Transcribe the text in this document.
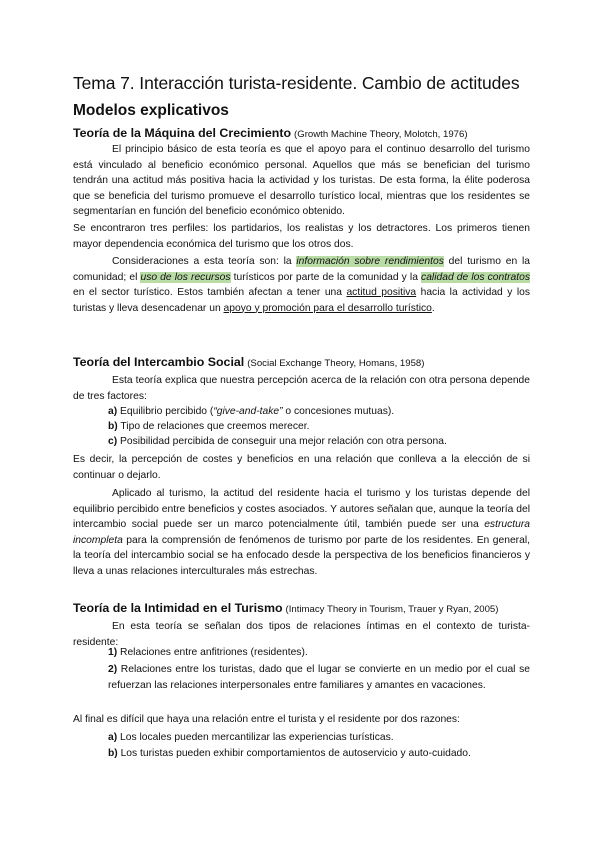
Tema 7. Interacción turista-residente. Cambio de actitudes
Modelos explicativos
Teoría de la Máquina del Crecimiento (Growth Machine Theory, Molotch, 1976)
El principio básico de esta teoría es que el apoyo para el continuo desarrollo del turismo está vinculado al beneficio económico personal. Aquellos que más se benefician del turismo tendrán una actitud más positiva hacia la actividad y los turistas. De esta forma, la élite poderosa que se beneficia del turismo promueve el desarrollo turístico local, mientras que los residentes se segmentarían en función del beneficio económico obtenido.
Se encontraron tres perfiles: los partidarios, los realistas y los detractores. Los primeros tienen mayor dependencia económica del turismo que los otros dos.
Consideraciones a esta teoría son: la información sobre rendimientos del turismo en la comunidad; el uso de los recursos turísticos por parte de la comunidad y la calidad de los contratos en el sector turístico. Estos también afectan a tener una actitud positiva hacia la actividad y los turistas y lleva desencadenar un apoyo y promoción para el desarrollo turístico.
Teoría del Intercambio Social (Social Exchange Theory, Homans, 1958)
Esta teoría explica que nuestra percepción acerca de la relación con otra persona depende de tres factores:
a) Equilibrio percibido (“give-and-take” o concesiones mutuas).
b) Tipo de relaciones que creemos merecer.
c) Posibilidad percibida de conseguir una mejor relación con otra persona.
Es decir, la percepción de costes y beneficios en una relación que conlleva a la elección de si continuar o dejarlo.
Aplicado al turismo, la actitud del residente hacia el turismo y los turistas depende del equilibrio percibido entre beneficios y costes asociados. Y autores señalan que, aunque la teoría del intercambio social puede ser un marco potencialmente útil, también puede ser una estructura incompleta para la comprensión de fenómenos de turismo por parte de los residentes. En general, la teoría del intercambio social se ha enfocado desde la perspectiva de los beneficios financieros y lleva a unas relaciones interculturales más estrechas.
Teoría de la Intimidad en el Turismo (Intimacy Theory in Tourism, Trauer y Ryan, 2005)
En esta teoría se señalan dos tipos de relaciones íntimas en el contexto de turista-residente:
1) Relaciones entre anfitriones (residentes).
2) Relaciones entre los turistas, dado que el lugar se convierte en un medio por el cual se refuerzan las relaciones interpersonales entre familiares y amantes en vacaciones.
Al final es difícil que haya una relación entre el turista y el residente por dos razones:
a) Los locales pueden mercantilizar las experiencias turísticas.
b) Los turistas pueden exhibir comportamientos de autoservicio y auto-cuidado.
